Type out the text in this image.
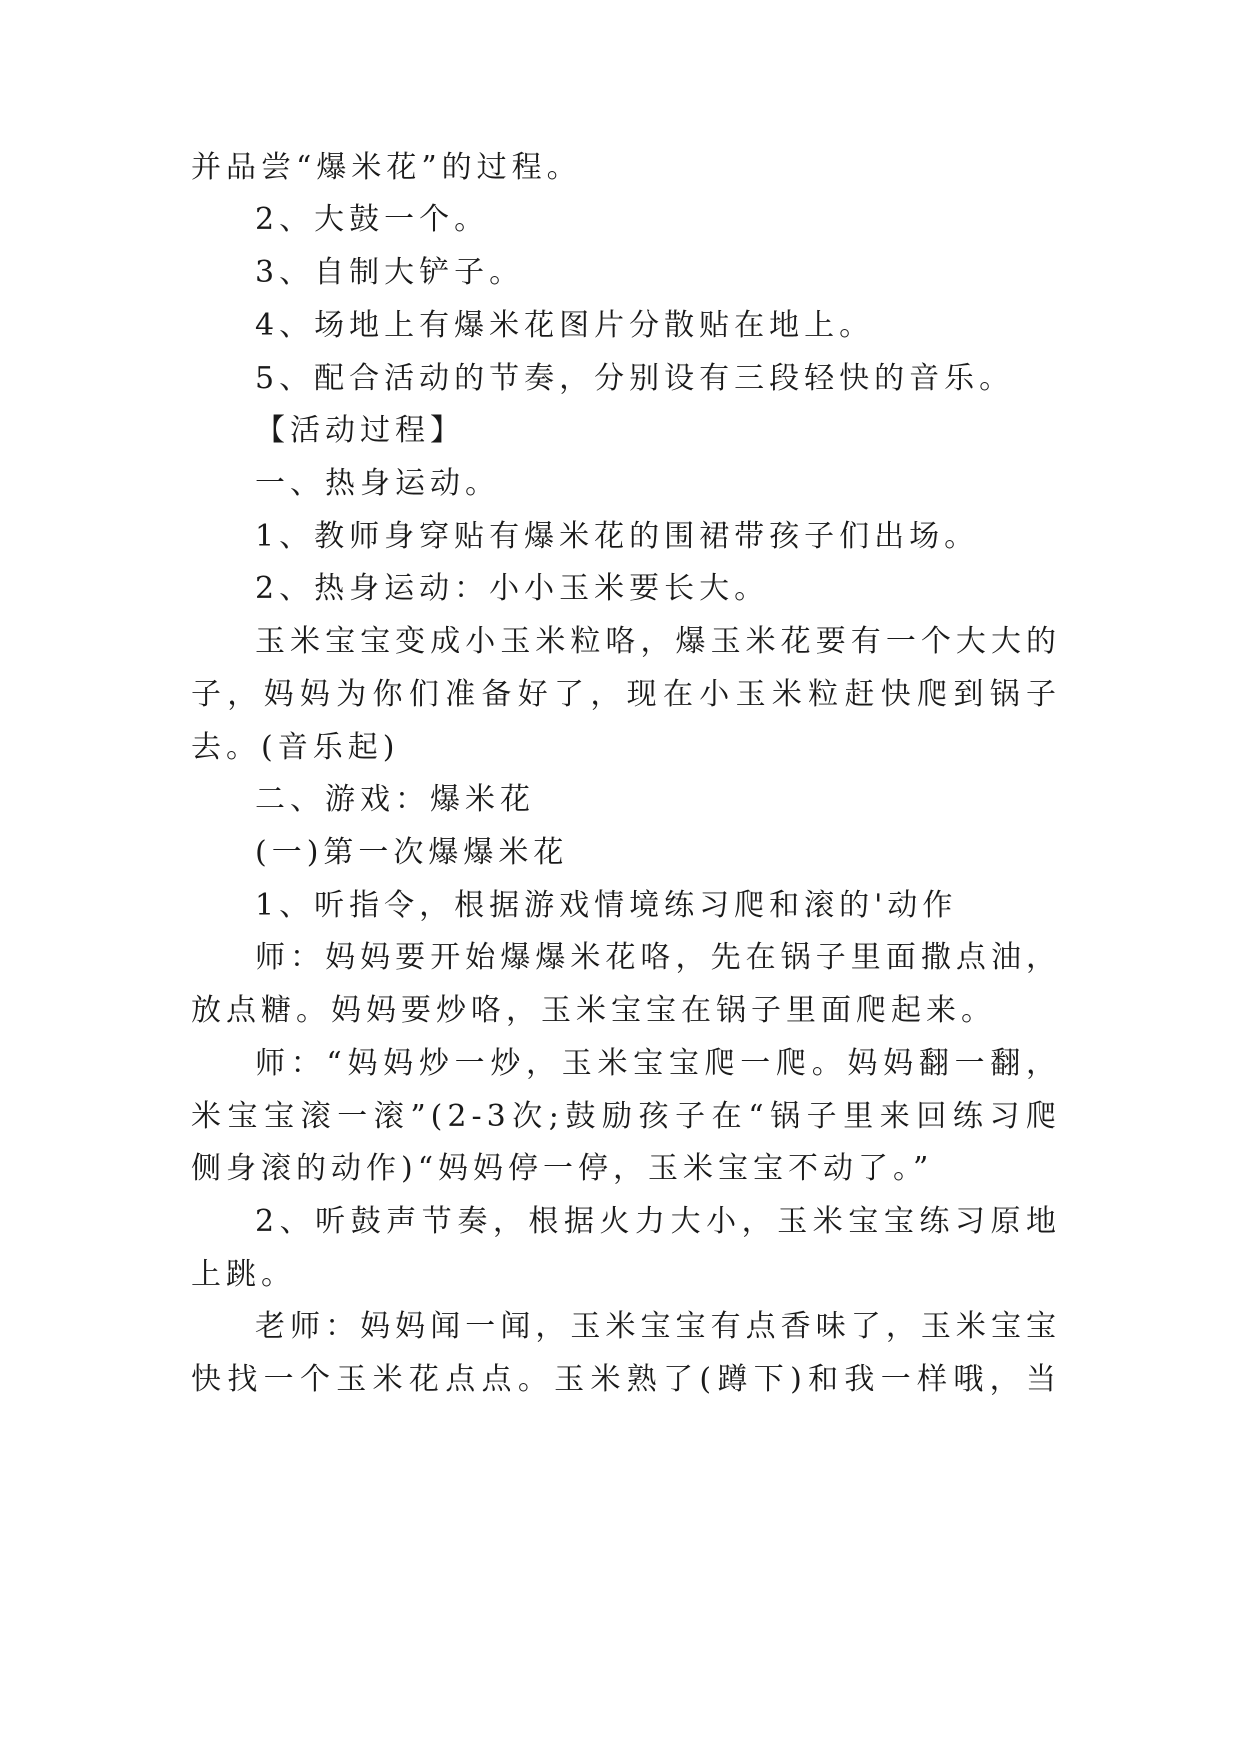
并品尝“爆米花”的过程。
2、大鼓一个。
3、自制大铲子。
4、场地上有爆米花图片分散贴在地上。
5、配合活动的节奏，分别设有三段轻快的音乐。
【活动过程】
一、热身运动。
1、教师身穿贴有爆米花的围裙带孩子们出场。
2、热身运动：小小玉米要长大。
玉米宝宝变成小玉米粒咯，爆玉米花要有一个大大的
子，妈妈为你们准备好了，现在小玉米粒赶快爬到锅子
去。(音乐起)
二、游戏：爆米花
(一)第一次爆爆米花
1、听指令，根据游戏情境练习爬和滚的'动作
师：妈妈要开始爆爆米花咯，先在锅子里面撒点油，
放点糖。妈妈要炒咯，玉米宝宝在锅子里面爬起来。
师：“妈妈炒一炒，玉米宝宝爬一爬。妈妈翻一翻，
米宝宝滚一滚”(2-3次;鼓励孩子在“锅子里来回练习爬
侧身滚的动作)“妈妈停一停，玉米宝宝不动了。”
2、听鼓声节奏，根据火力大小，玉米宝宝练习原地
上跳。
老师：妈妈闻一闻，玉米宝宝有点香味了，玉米宝宝
快找一个玉米花点点。玉米熟了(蹲下)和我一样哦，当
